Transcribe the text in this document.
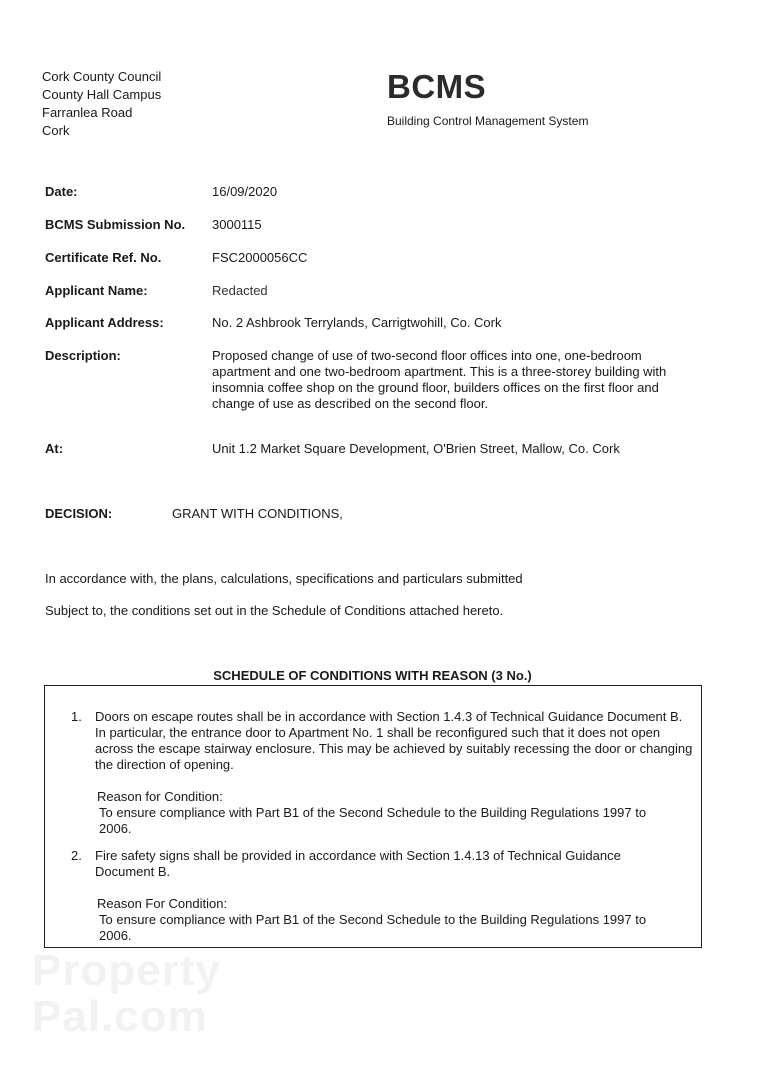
Cork County Council
County Hall Campus
Farranlea Road
Cork
BCMS
Building Control Management System
Date:	16/09/2020
BCMS Submission No. 3000115
Certificate Ref. No.	FSC2000056CC
Applicant Name:	Redacted
Applicant Address:	No. 2 Ashbrook Terrylands, Carrigtwohill, Co. Cork
Description:	Proposed change of use of two-second floor offices into one, one-bedroom apartment and one two-bedroom apartment. This is a three-storey building with insomnia coffee shop on the ground floor, builders offices on the first floor and change of use as described on the second floor.
At:	Unit 1.2 Market Square Development, O'Brien Street, Mallow, Co. Cork
DECISION:	GRANT WITH CONDITIONS,
In accordance with, the plans, calculations, specifications and particulars submitted
Subject to, the conditions set out in the Schedule of Conditions attached hereto.
SCHEDULE OF CONDITIONS WITH REASON (3 No.)
1. Doors on escape routes shall be in accordance with Section 1.4.3 of Technical Guidance Document B. In particular, the entrance door to Apartment No. 1 shall be reconfigured such that it does not open across the escape stairway enclosure. This may be achieved by suitably recessing the door or changing the direction of opening.
Reason for Condition:
To ensure compliance with Part B1 of the Second Schedule to the Building Regulations 1997 to 2006.
2. Fire safety signs shall be provided in accordance with Section 1.4.13 of Technical Guidance Document B.
Reason For Condition:
To ensure compliance with Part B1 of the Second Schedule to the Building Regulations 1997 to 2006.
Property
Pal.com
